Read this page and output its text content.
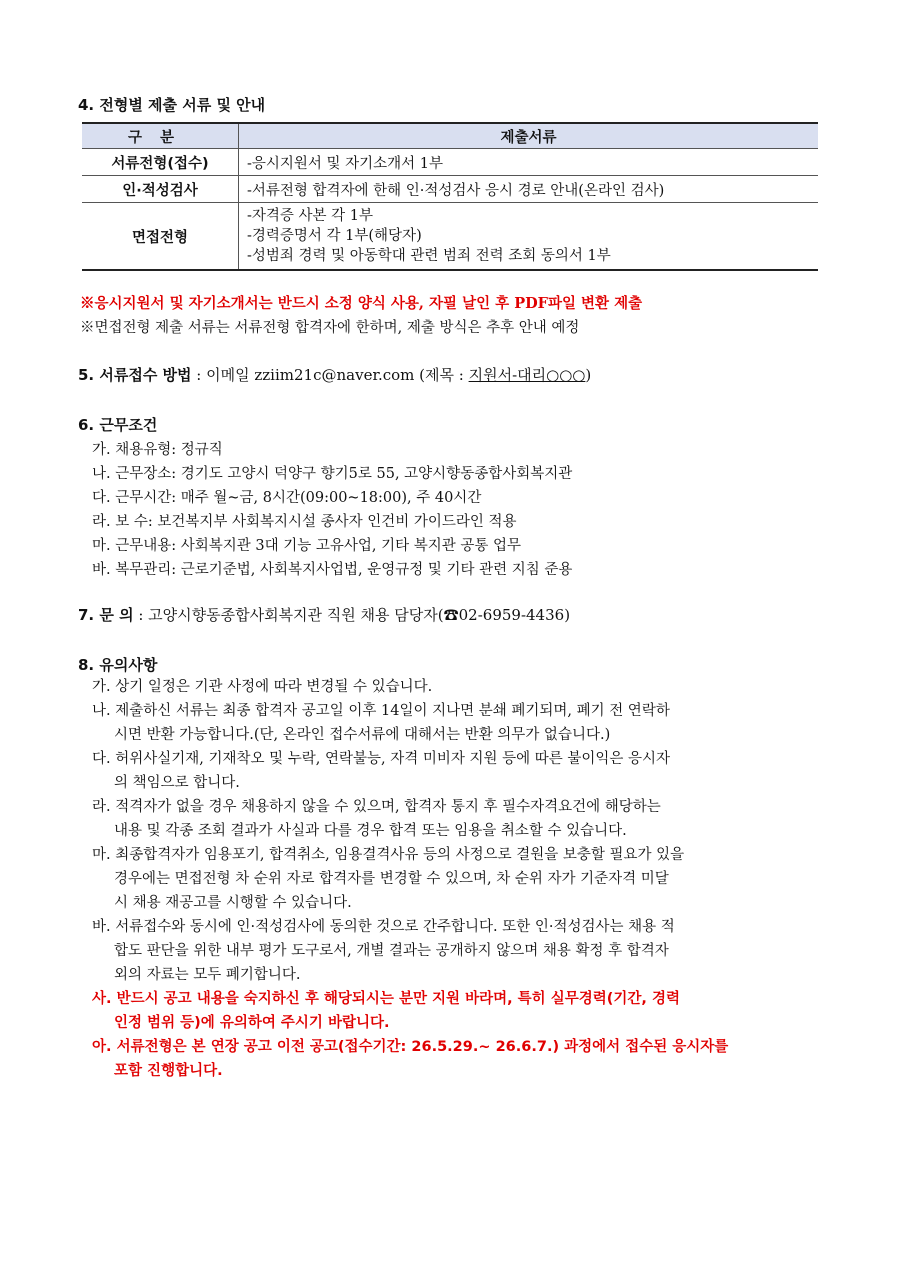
4. 전형별 제출 서류 및 안내
구분	제출서류
서류전형(접수)	-응시지원서 및 자기소개서 1부
인·적성검사	-서류전형 합격자에 한해 인·적성검사 응시 경로 안내(온라인 검사)
면접전형	-자격증 사본 각 1부
-경력증명서 각 1부(해당자)
-성범죄 경력 및 아동학대 관련 범죄 전력 조회 동의서 1부
※응시지원서 및 자기소개서는 반드시 소정 양식 사용, 자필 날인 후 PDF파일 변환 제출
※면접전형 제출 서류는 서류전형 합격자에 한하며, 제출 방식은 추후 안내 예정
5. 서류접수 방법 : 이메일 zziim21c@naver.com (제목 : 지원서-대리○○○)
6. 근무조건
가. 채용유형: 정규직
나. 근무장소: 경기도 고양시 덕양구 향기5로 55, 고양시향동종합사회복지관
다. 근무시간: 매주 월~금, 8시간(09:00~18:00), 주 40시간
라. 보 수: 보건복지부 사회복지시설 종사자 인건비 가이드라인 적용
마. 근무내용: 사회복지관 3대 기능 고유사업, 기타 복지관 공통 업무
바. 복무관리: 근로기준법, 사회복지사업법, 운영규정 및 기타 관련 지침 준용
7. 문 의 : 고양시향동종합사회복지관 직원 채용 담당자(☎02-6959-4436)
8. 유의사항
가. 상기 일정은 기관 사정에 따라 변경될 수 있습니다.
나. 제출하신 서류는 최종 합격자 공고일 이후 14일이 지나면 분쇄 폐기되며, 폐기 전 연락하
시면 반환 가능합니다.(단, 온라인 접수서류에 대해서는 반환 의무가 없습니다.)
다. 허위사실기재, 기재착오 및 누락, 연락불능, 자격 미비자 지원 등에 따른 불이익은 응시자
의 책임으로 합니다.
라. 적격자가 없을 경우 채용하지 않을 수 있으며, 합격자 통지 후 필수자격요건에 해당하는
내용 및 각종 조회 결과가 사실과 다를 경우 합격 또는 임용을 취소할 수 있습니다.
마. 최종합격자가 임용포기, 합격취소, 임용결격사유 등의 사정으로 결원을 보충할 필요가 있을
경우에는 면접전형 차 순위 자로 합격자를 변경할 수 있으며, 차 순위 자가 기준자격 미달
시 채용 재공고를 시행할 수 있습니다.
바. 서류접수와 동시에 인·적성검사에 동의한 것으로 간주합니다. 또한 인·적성검사는 채용 적
합도 판단을 위한 내부 평가 도구로서, 개별 결과는 공개하지 않으며 채용 확정 후 합격자
외의 자료는 모두 폐기합니다.
사. 반드시 공고 내용을 숙지하신 후 해당되시는 분만 지원 바라며, 특히 실무경력(기간, 경력
인정 범위 등)에 유의하여 주시기 바랍니다.
아. 서류전형은 본 연장 공고 이전 공고(접수기간: 26.5.29.~ 26.6.7.) 과정에서 접수된 응시자를
포함 진행합니다.
